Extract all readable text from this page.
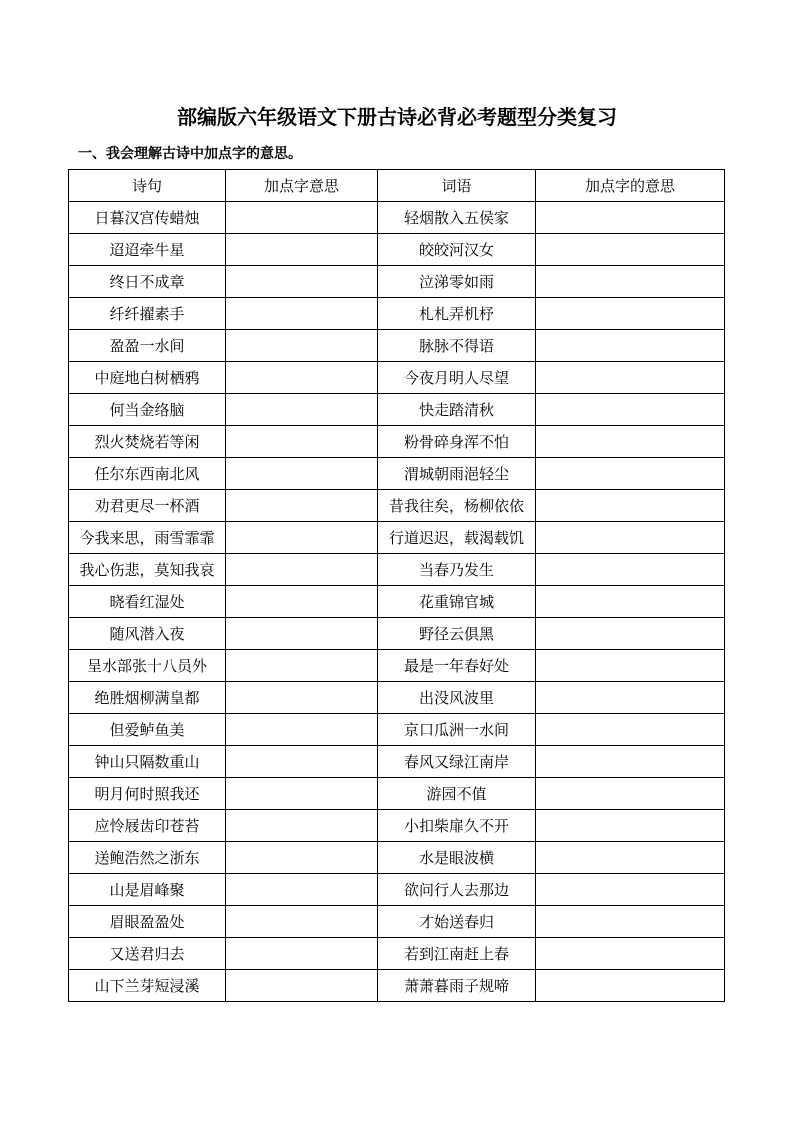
部编版六年级语文下册古诗必背必考题型分类复习
一、我会理解古诗中加点字的意思。
诗句	加点字意思	词语	加点字的意思
日暮汉宫传蜡烛		轻烟散入五侯家	
迢迢牵牛星		皎皎河汉女	
终日不成章		泣涕零如雨	
纤纤擢素手		札札弄机杼	
盈盈一水间		脉脉不得语	
中庭地白树栖鸦		今夜月明人尽望	
何当金络脑		快走踏清秋	
烈火焚烧若等闲		粉骨碎身浑不怕	
任尔东西南北风		渭城朝雨浥轻尘	
劝君更尽一杯酒		昔我往矣，杨柳依依	
今我来思，雨雪霏霏		行道迟迟，载渴载饥	
我心伤悲，莫知我哀		当春乃发生	
晓看红湿处		花重锦官城	
随风潜入夜		野径云俱黑	
呈水部张十八员外		最是一年春好处	
绝胜烟柳满皇都		出没风波里	
但爱鲈鱼美		京口瓜洲一水间	
钟山只隔数重山		春风又绿江南岸	
明月何时照我还		游园不值	
应怜屐齿印苍苔		小扣柴扉久不开	
送鲍浩然之浙东		水是眼波横	
山是眉峰聚		欲问行人去那边	
眉眼盈盈处		才始送春归	
又送君归去		若到江南赶上春	
山下兰芽短浸溪		萧萧暮雨子规啼	
